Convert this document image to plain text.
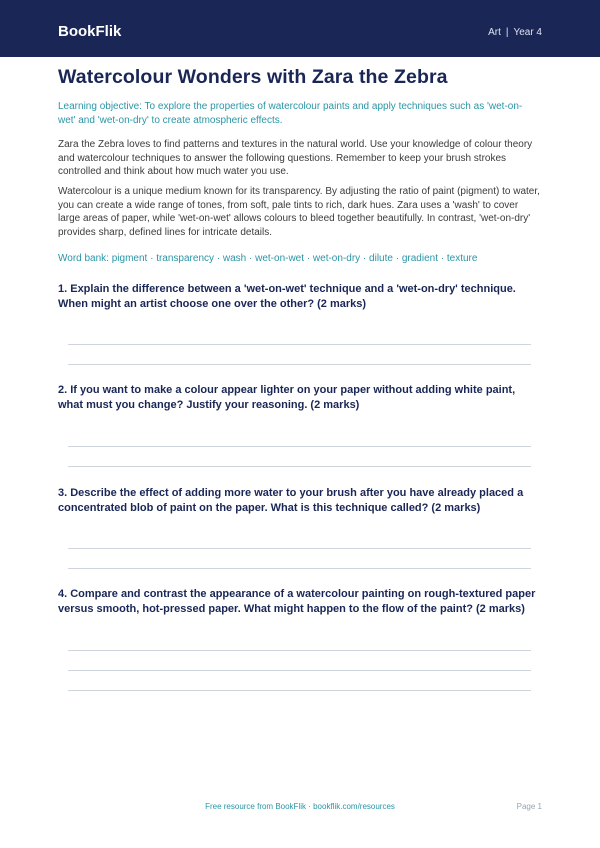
BookFlik	Art | Year 4
Watercolour Wonders with Zara the Zebra

Learning objective: To explore the properties of watercolour paints and apply techniques such as 'wet-on-wet' and 'wet-on-dry' to create atmospheric effects.

Zara the Zebra loves to find patterns and textures in the natural world. Use your knowledge of colour theory and watercolour techniques to answer the following questions. Remember to keep your brush strokes controlled and think about how much water you use.

Watercolour is a unique medium known for its transparency. By adjusting the ratio of paint (pigment) to water, you can create a wide range of tones, from soft, pale tints to rich, dark hues. Zara uses a 'wash' to cover large areas of paper, while 'wet-on-wet' allows colours to bleed together beautifully. In contrast, 'wet-on-dry' provides sharp, defined lines for intricate details.

Word bank: pigment · transparency · wash · wet-on-wet · wet-on-dry · dilute · gradient · texture

1. Explain the difference between a 'wet-on-wet' technique and a 'wet-on-dry' technique. When might an artist choose one over the other? (2 marks)

2. If you want to make a colour appear lighter on your paper without adding white paint, what must you change? Justify your reasoning. (2 marks)

3. Describe the effect of adding more water to your brush after you have already placed a concentrated blob of paint on the paper. What is this technique called? (2 marks)

4. Compare and contrast the appearance of a watercolour painting on rough-textured paper versus smooth, hot-pressed paper. What might happen to the flow of the paint? (2 marks)

Free resource from BookFlik · bookflik.com/resources	Page 1
